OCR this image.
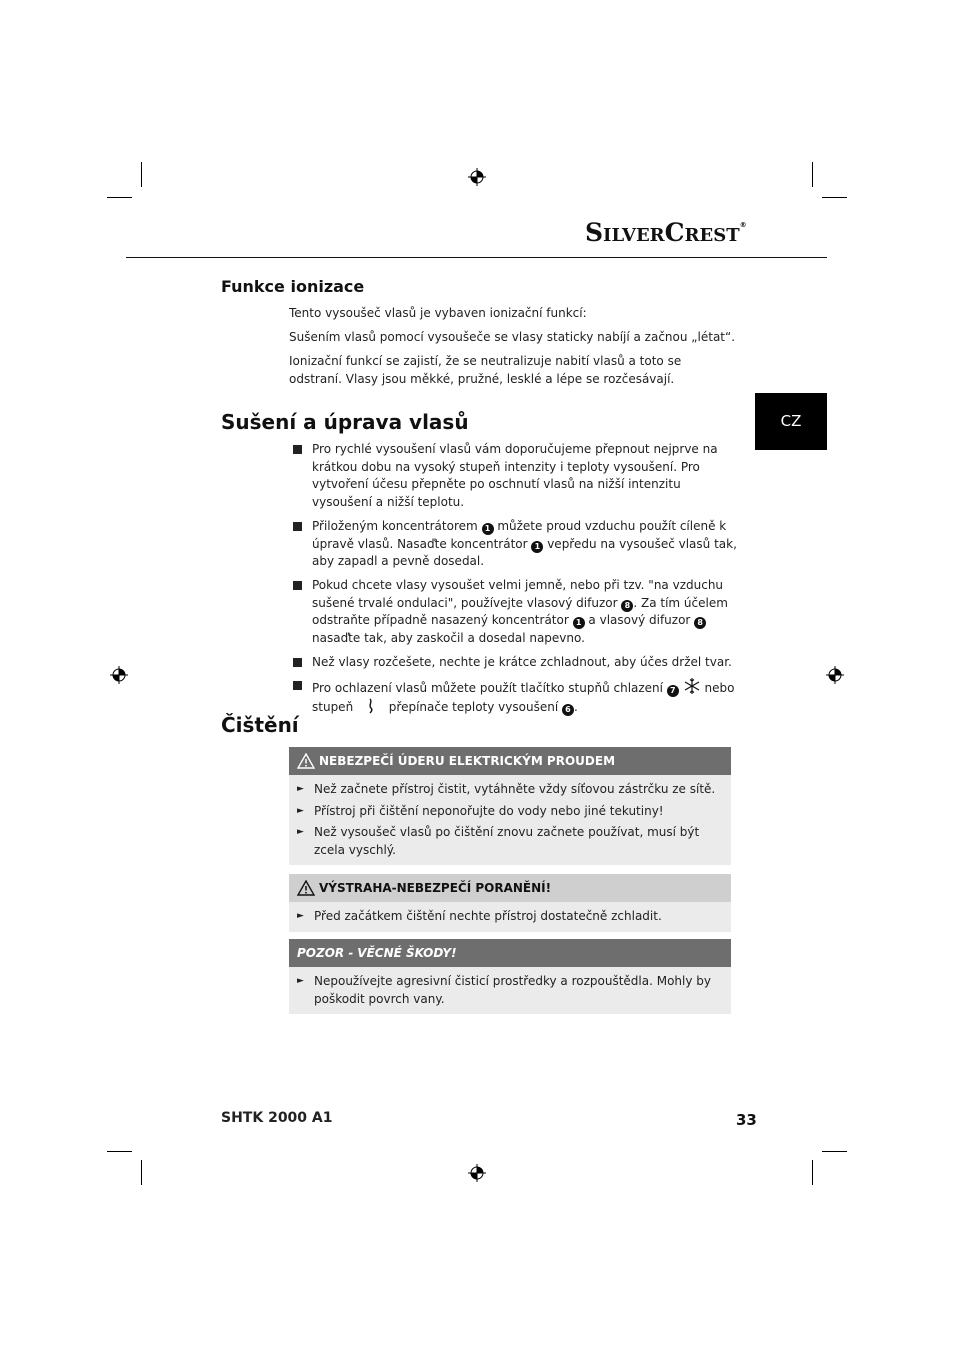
SilverCrest®
CZ
Funkce ionizace

Tento vysoušeč vlasů je vybaven ionizační funkcí:

Sušením vlasů pomocí vysoušeče se vlasy staticky nabíjí a začnou „létat“.

Ionizační funkcí se zajistí, že se neutralizuje nabití vlasů a toto se odstraní. Vlasy jsou měkké, pružné, lesklé a lépe se rozčesávají.

Sušení a úprava vlasů
Pro rychlé vysoušení vlasů vám doporučujeme přepnout nejprve na krátkou dobu na vysoký stupeň intenzity i teploty vysoušení. Pro vytvoření účesu přepněte po oschnutí vlasů na nižší intenzitu vysoušení a nižší teplotu.
Přiloženým koncentrátorem 1 můžete proud vzduchu použít cíleně k úpravě vlasů. Nasaďte koncentrátor 1 vepředu na vysoušeč vlasů tak, aby zapadl a pevně dosedal.
Pokud chcete vlasy vysoušet velmi jemně, nebo při tzv. "na vzduchu sušené trvalé ondulaci", používejte vlasový difuzor 8 . Za tím účelem odstraňte případně nasazený koncentrátor 1 a vlasový difuzor 8 nasaďte tak, aby zaskočil a dosedal napevno.
Než vlasy rozčešete, nechte je krátce zchladnout, aby účes držel tvar.
Pro ochlazení vlasů můžete použít tlačítko stupňů chlazení 7  nebo stupeň  přepínače teploty vysoušení 6 .
Čištění
NEBEZPEČÍ ÚDERU ELEKTRICKÝM PROUDEM
► Než začnete přístroj čistit, vytáhněte vždy síťovou zástrčku ze sítě.
► Přístroj při čištění neponořujte do vody nebo jiné tekutiny!
► Než vysoušeč vlasů po čištění znovu začnete používat, musí být zcela vyschlý.
VÝSTRAHA-NEBEZPEČÍ PORANĚNÍ!
► Před začátkem čištění nechte přístroj dostatečně zchladit.
POZOR - VĚCNÉ ŠKODY!
► Nepoužívejte agresivní čisticí prostředky a rozpouštědla. Mohly by poškodit povrch vany.
SHTK 2000 A1	33
